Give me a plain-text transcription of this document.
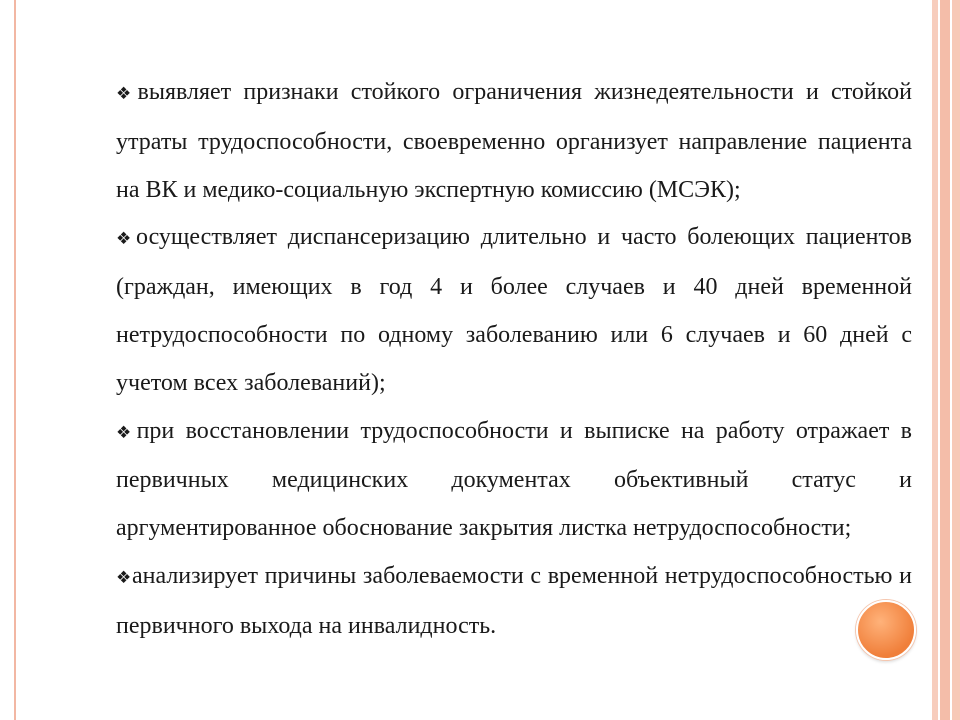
❖выявляет признаки стойкого ограничения жизнедеятельности и стойкой утраты трудоспособности, своевременно организует направление пациента на ВК и медико-социальную экспертную комиссию (МСЭК);

❖осуществляет диспансеризацию длительно и часто болеющих пациентов (граждан, имеющих в год 4 и более случаев и 40 дней временной нетрудоспособности по одному заболеванию или 6 случаев и 60 дней с учетом всех заболеваний);

❖при восстановлении трудоспособности и выписке на работу отражает в первичных медицинских документах объективный статус и аргументированное обоснование закрытия листка нетрудоспособности;

❖анализирует причины заболеваемости с временной нетрудоспособностью и первичного выхода на инвалидность.
